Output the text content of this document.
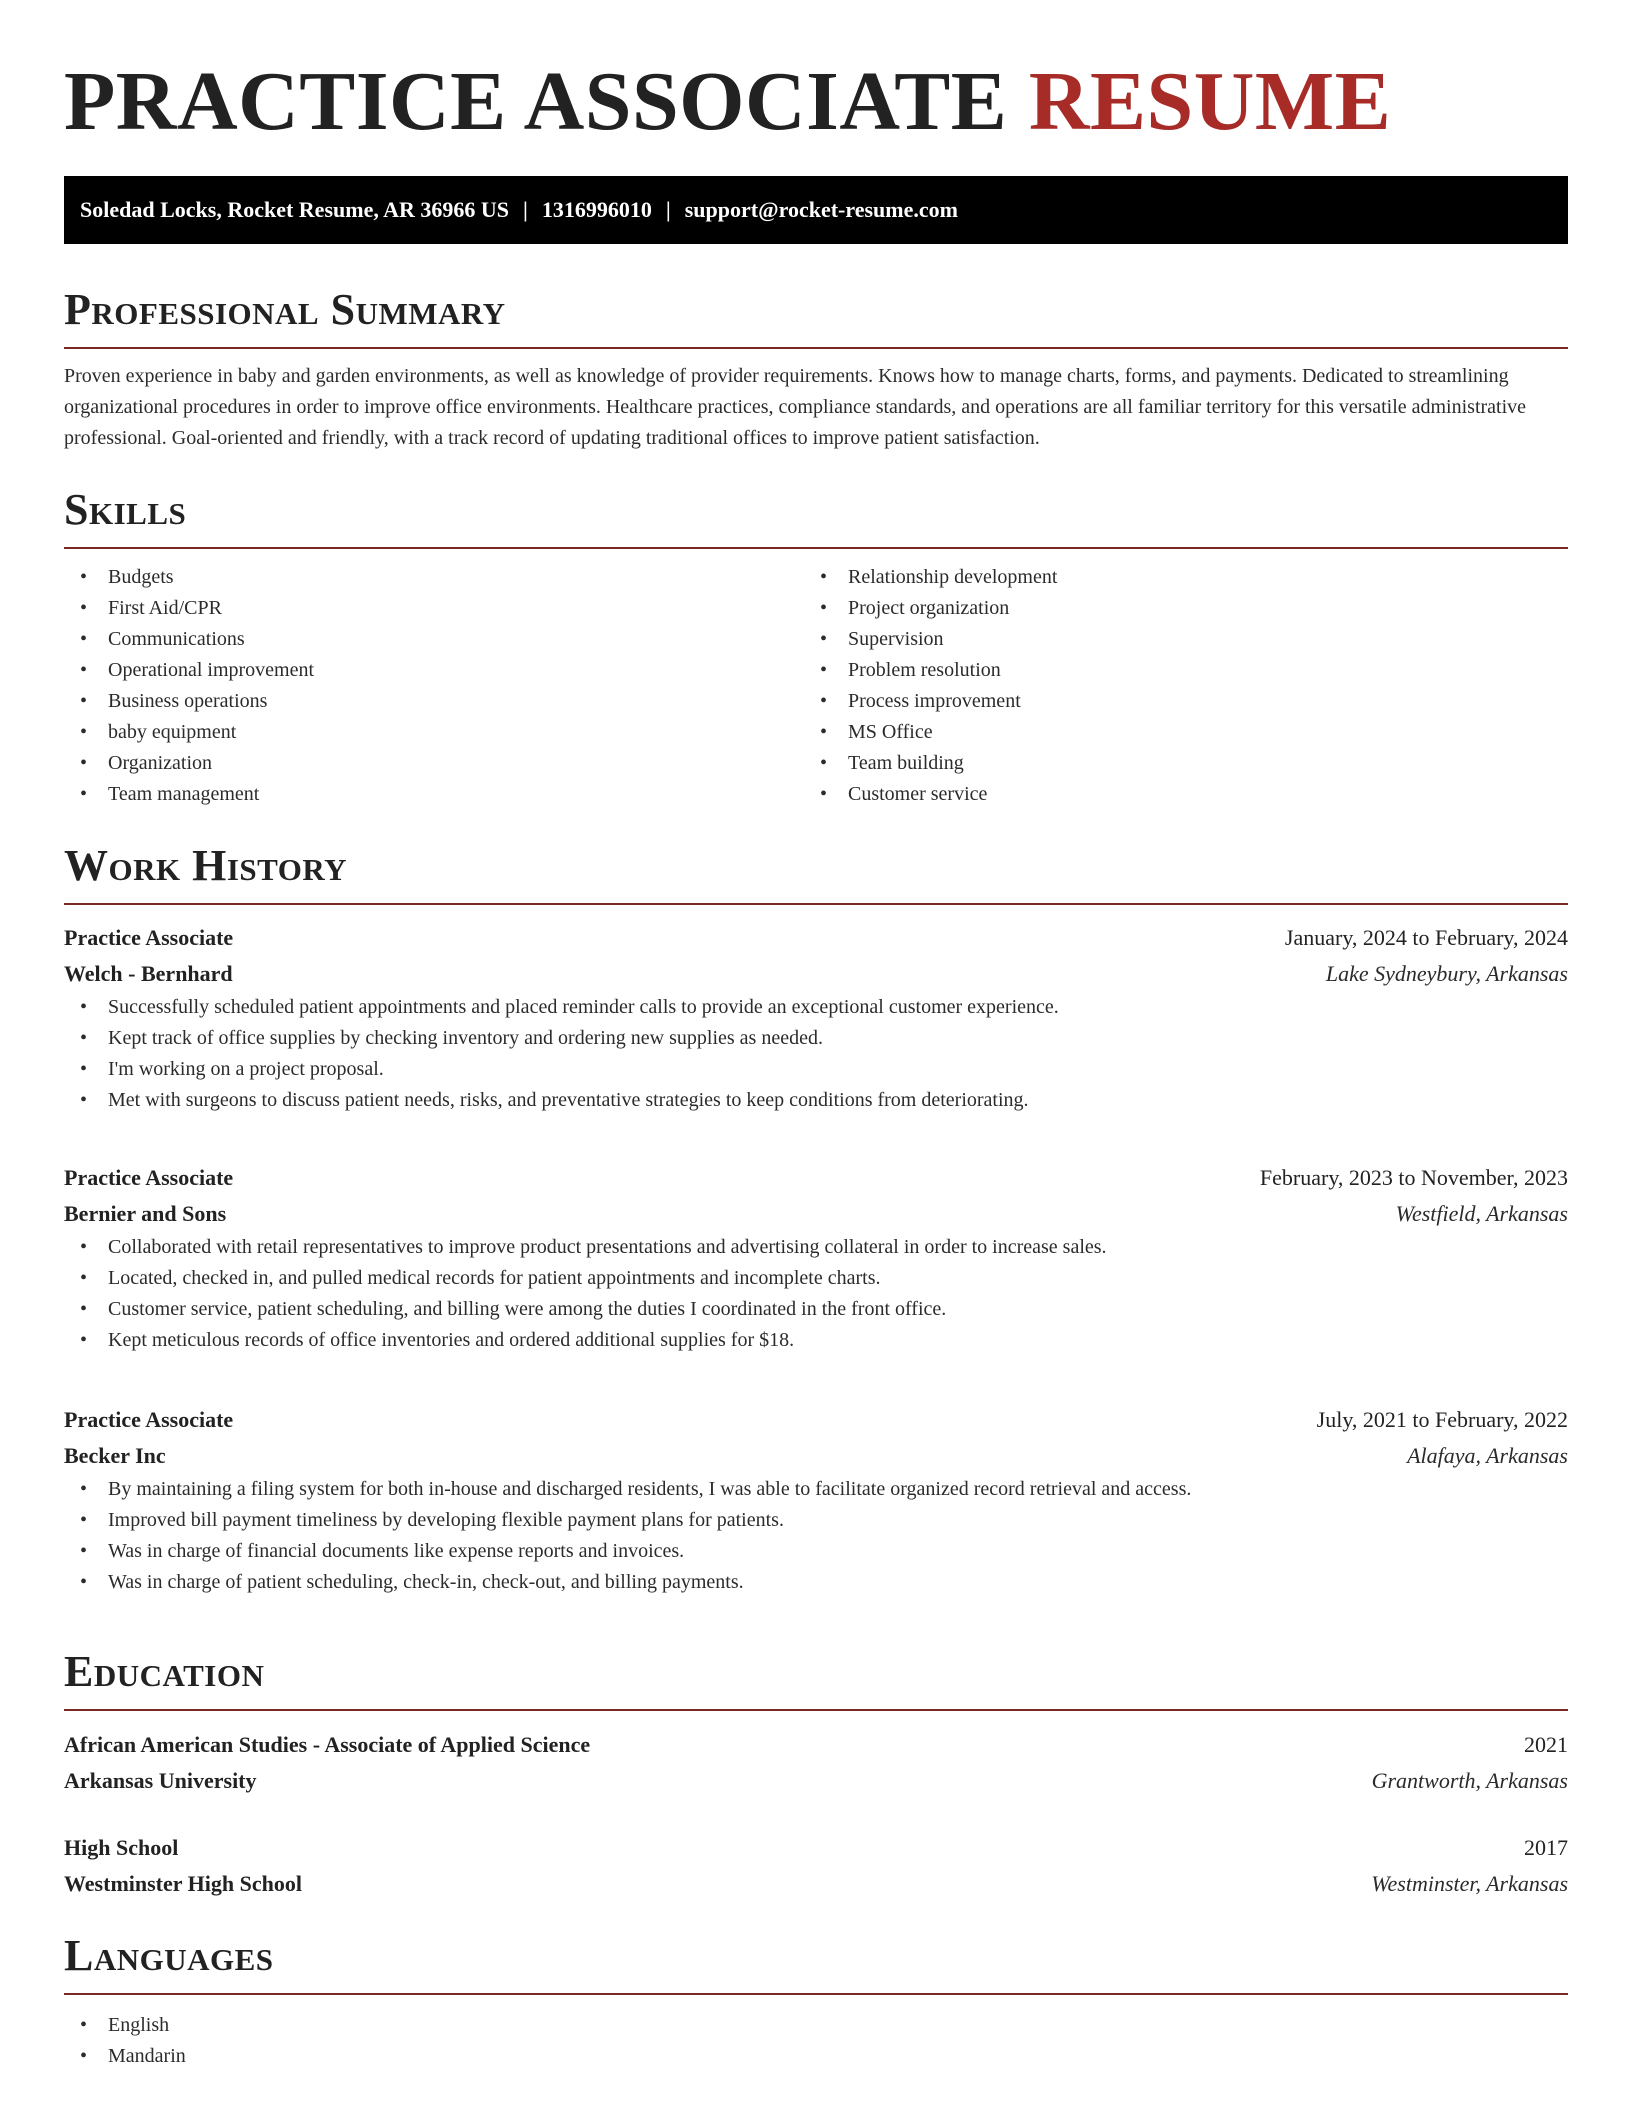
PRACTICE ASSOCIATE RESUME
Soledad Locks, Rocket Resume, AR 36966 US | 1316996010 | support@rocket-resume.com
Professional Summary

Proven experience in baby and garden environments, as well as knowledge of provider requirements. Knows how to manage charts, forms, and payments. Dedicated to streamlining organizational procedures in order to improve office environments. Healthcare practices, compliance standards, and operations are all familiar territory for this versatile administrative professional. Goal-oriented and friendly, with a track record of updating traditional offices to improve patient satisfaction.

Skills
• Budgets
• First Aid/CPR
• Communications
• Operational improvement
• Business operations
• baby equipment
• Organization
• Team management
• Relationship development
• Project organization
• Supervision
• Problem resolution
• Process improvement
• MS Office
• Team building
• Customer service
Work History
Practice Associate	January, 2024 to February, 2024
Welch - Bernhard	Lake Sydneybury, Arkansas
• Successfully scheduled patient appointments and placed reminder calls to provide an exceptional customer experience.
• Kept track of office supplies by checking inventory and ordering new supplies as needed.
• I'm working on a project proposal.
• Met with surgeons to discuss patient needs, risks, and preventative strategies to keep conditions from deteriorating.
Practice Associate	February, 2023 to November, 2023
Bernier and Sons	Westfield, Arkansas
• Collaborated with retail representatives to improve product presentations and advertising collateral in order to increase sales.
• Located, checked in, and pulled medical records for patient appointments and incomplete charts.
• Customer service, patient scheduling, and billing were among the duties I coordinated in the front office.
• Kept meticulous records of office inventories and ordered additional supplies for $18.
Practice Associate	July, 2021 to February, 2022
Becker Inc	Alafaya, Arkansas
• By maintaining a filing system for both in-house and discharged residents, I was able to facilitate organized record retrieval and access.
• Improved bill payment timeliness by developing flexible payment plans for patients.
• Was in charge of financial documents like expense reports and invoices.
• Was in charge of patient scheduling, check-in, check-out, and billing payments.
Education
African American Studies - Associate of Applied Science	2021
Arkansas University	Grantworth, Arkansas
High School	2017
Westminster High School	Westminster, Arkansas
Languages
• English
• Mandarin
